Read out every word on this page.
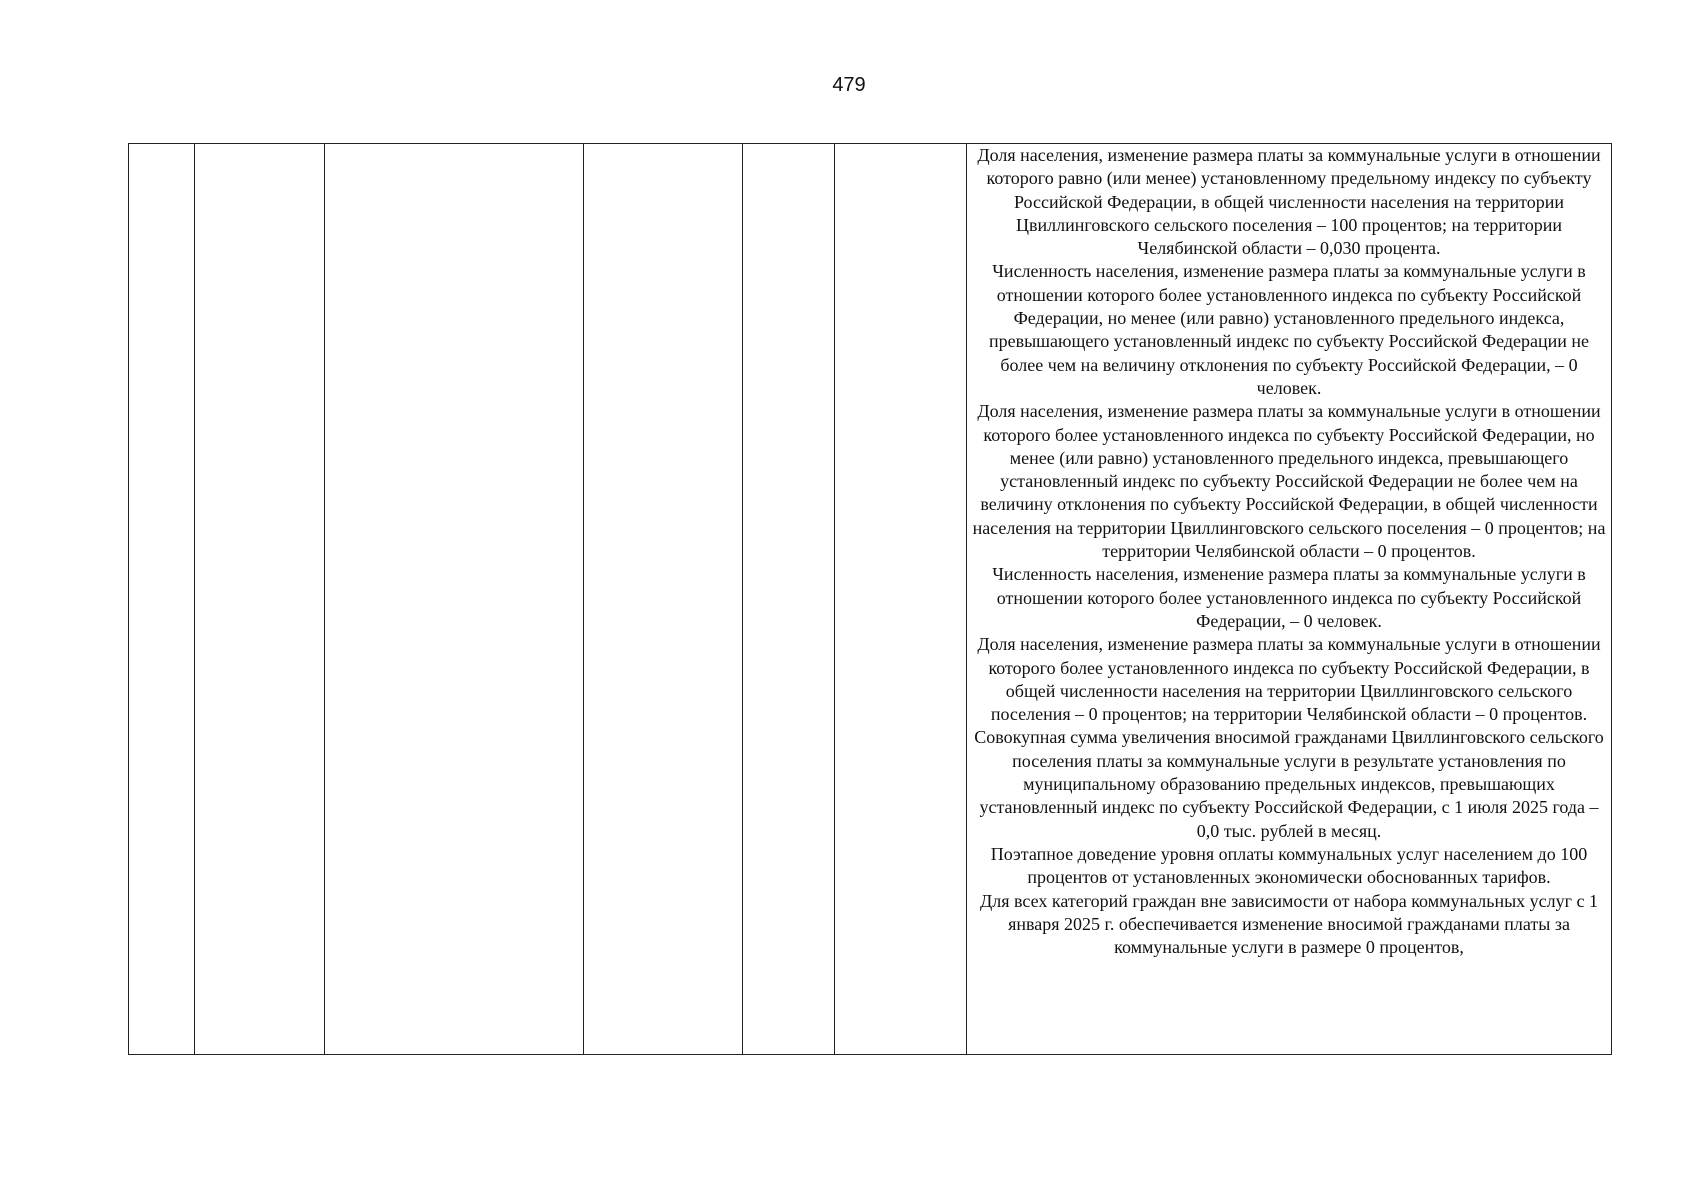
479

Доля населения, изменение размера платы за коммунальные услуги в отношении которого равно (или менее) установленному предельному индексу по субъекту Российской Федерации, в общей численности населения на территории Цвиллинговского сельского поселения – 100 процентов; на территории Челябинской области – 0,030 процента.

Численность населения, изменение размера платы за коммунальные услуги в отношении которого более установленного индекса по субъекту Российской Федерации, но менее (или равно) установленного предельного индекса, превышающего установленный индекс по субъекту Российской Федерации не более чем на величину отклонения по субъекту Российской Федерации, – 0 человек.

Доля населения, изменение размера платы за коммунальные услуги в отношении которого более установленного индекса по субъекту Российской Федерации, но менее (или равно) установленного предельного индекса, превышающего установленный индекс по субъекту Российской Федерации не более чем на величину отклонения по субъекту Российской Федерации, в общей численности населения на территории Цвиллинговского сельского поселения – 0 процентов; на территории Челябинской области – 0 процентов.

Численность населения, изменение размера платы за коммунальные услуги в отношении которого более установленного индекса по субъекту Российской Федерации, – 0 человек.

Доля населения, изменение размера платы за коммунальные услуги в отношении которого более установленного индекса по субъекту Российской Федерации, в общей численности населения на территории Цвиллинговского сельского поселения – 0 процентов; на территории Челябинской области – 0 процентов.

Совокупная сумма увеличения вносимой гражданами Цвиллинговского сельского поселения платы за коммунальные услуги в результате установления по муниципальному образованию предельных индексов, превышающих установленный индекс по субъекту Российской Федерации, с 1 июля 2025 года – 0,0 тыс. рублей в месяц.

Поэтапное доведение уровня оплаты коммунальных услуг населением до 100 процентов от установленных экономически обоснованных тарифов.

Для всех категорий граждан вне зависимости от набора коммунальных услуг с 1 января 2025 г. обеспечивается изменение вносимой гражданами платы за коммунальные услуги в размере 0 процентов,
